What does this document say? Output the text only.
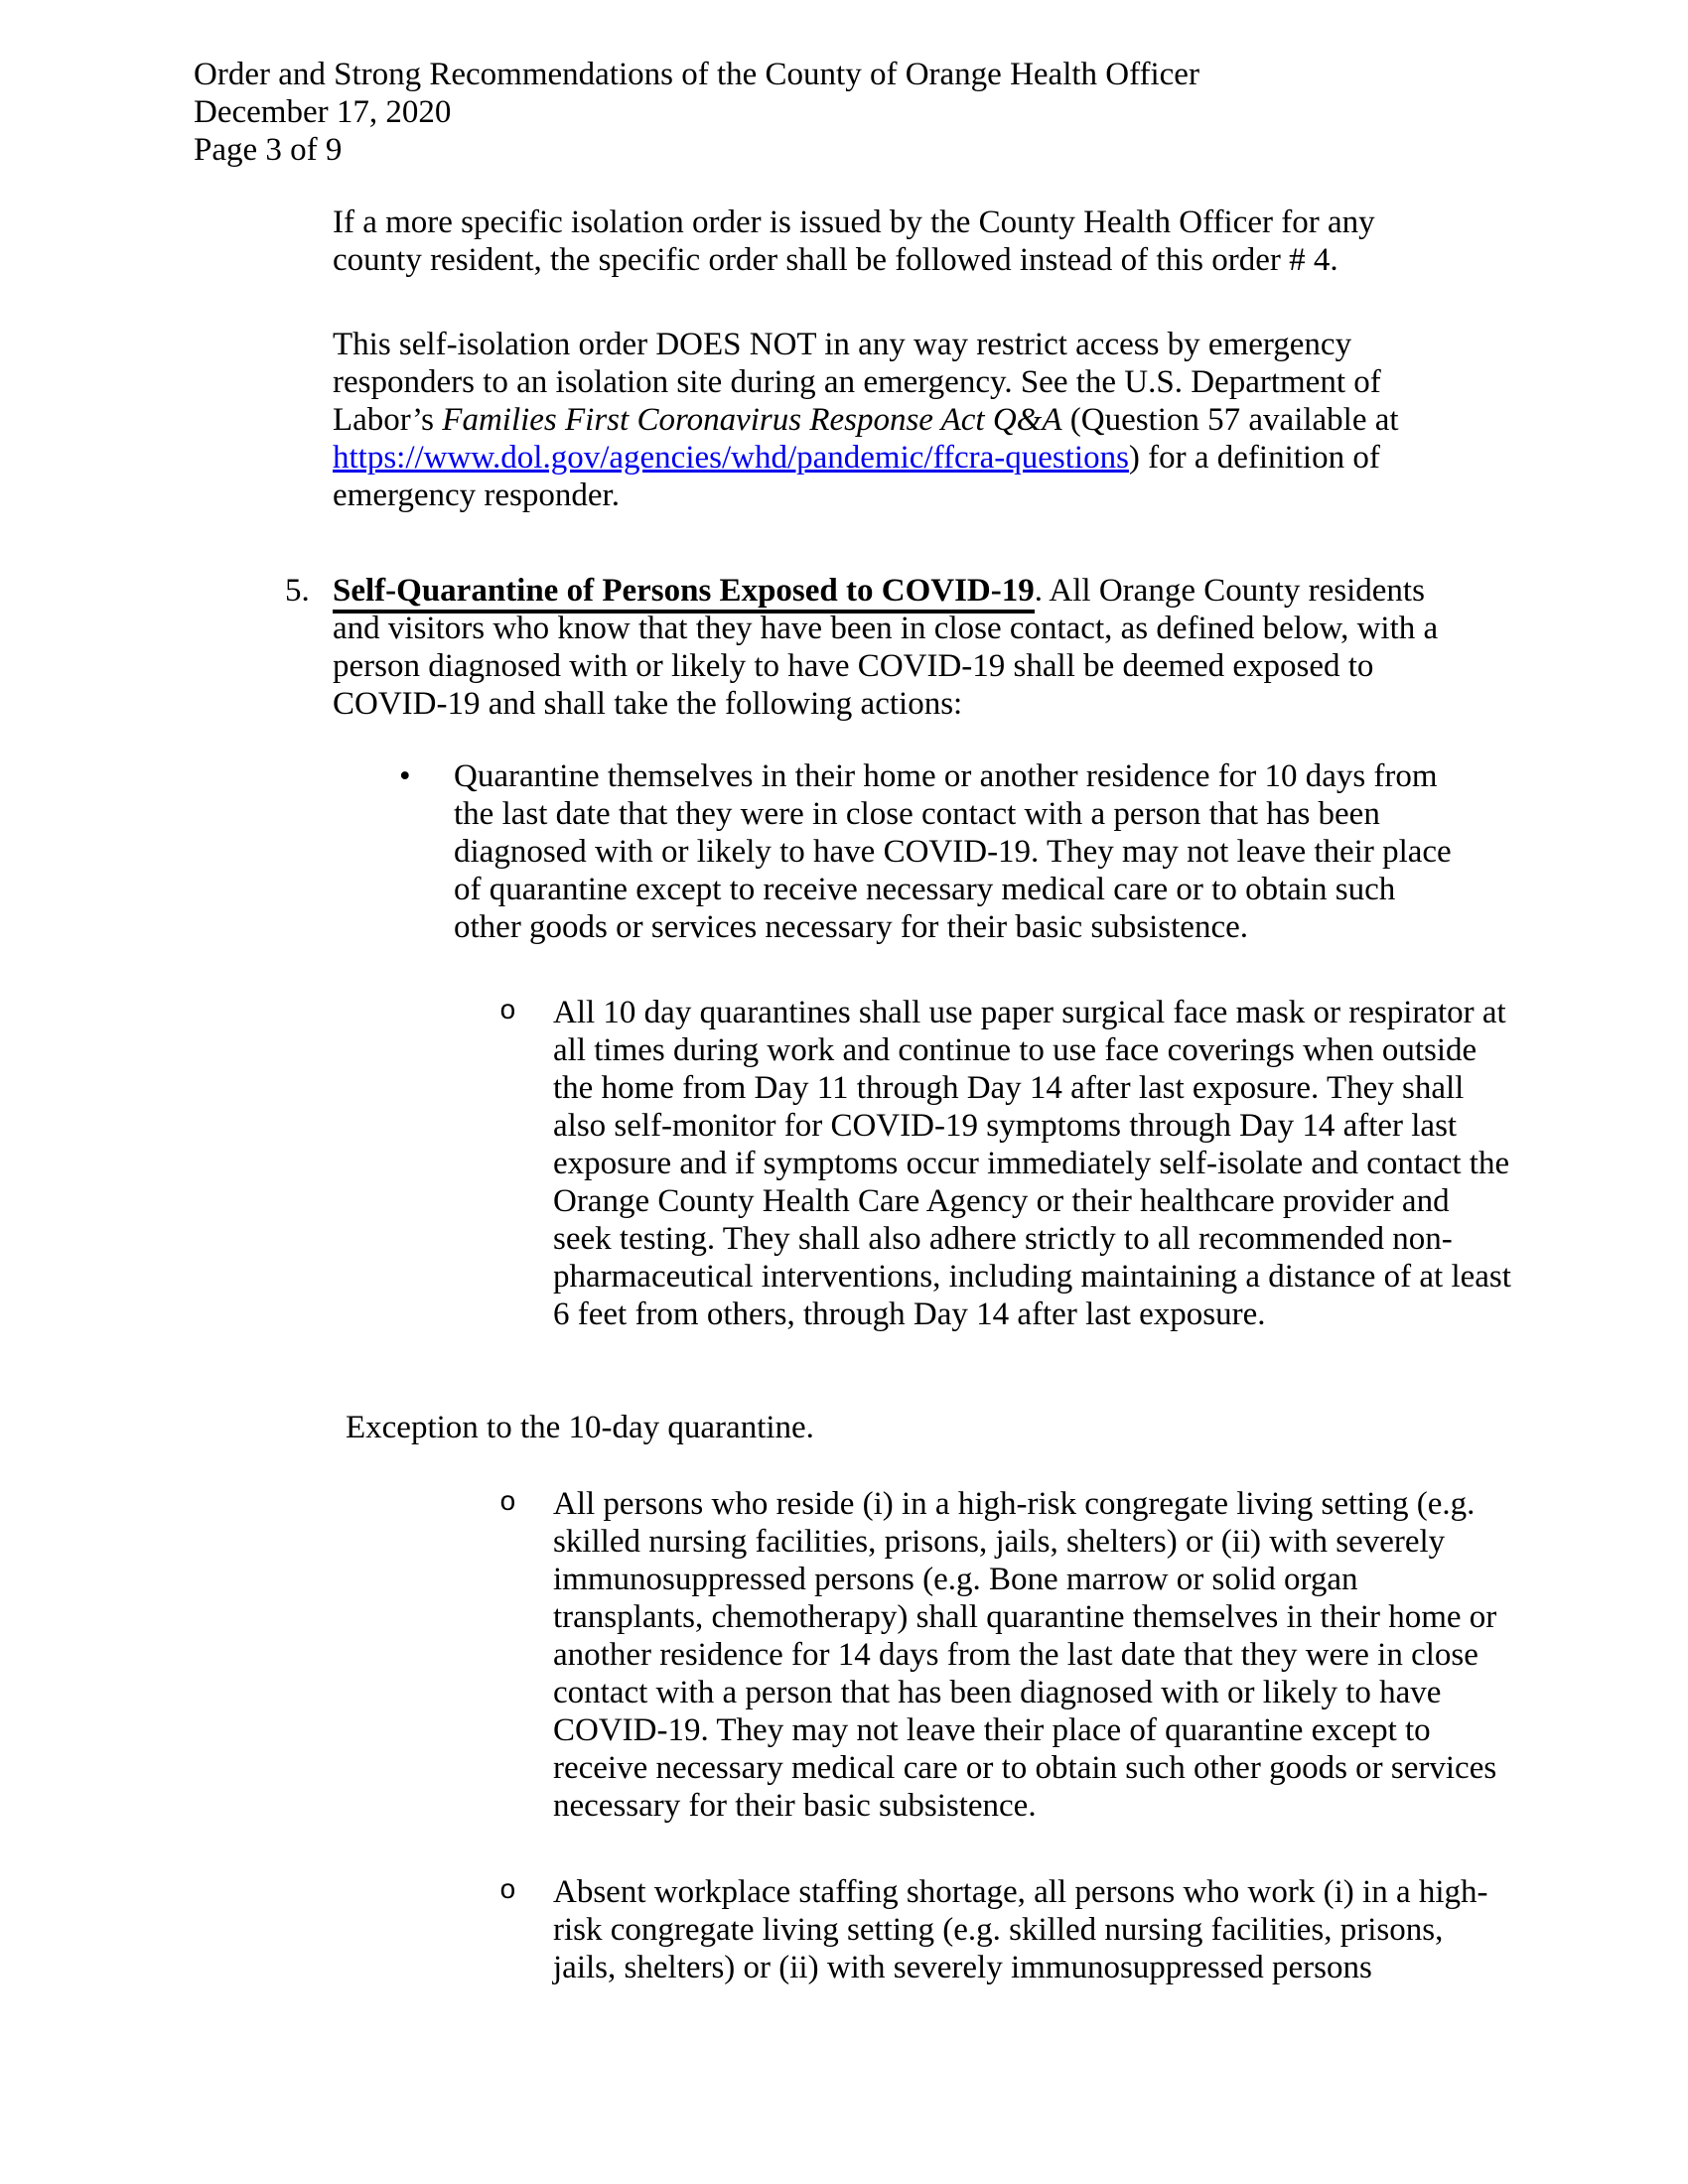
Order and Strong Recommendations of the County of Orange Health Officer
December 17, 2020
Page 3 of 9
If a more specific isolation order is issued by the County Health Officer for any county resident, the specific order shall be followed instead of this order # 4.
This self-isolation order DOES NOT in any way restrict access by emergency responders to an isolation site during an emergency. See the U.S. Department of Labor’s Families First Coronavirus Response Act Q&A (Question 57 available at https://www.dol.gov/agencies/whd/pandemic/ffcra-questions) for a definition of emergency responder.
5. Self-Quarantine of Persons Exposed to COVID-19. All Orange County residents and visitors who know that they have been in close contact, as defined below, with a person diagnosed with or likely to have COVID-19 shall be deemed exposed to COVID-19 and shall take the following actions:
• Quarantine themselves in their home or another residence for 10 days from the last date that they were in close contact with a person that has been diagnosed with or likely to have COVID-19. They may not leave their place of quarantine except to receive necessary medical care or to obtain such other goods or services necessary for their basic subsistence.
o All 10 day quarantines shall use paper surgical face mask or respirator at all times during work and continue to use face coverings when outside the home from Day 11 through Day 14 after last exposure. They shall also self-monitor for COVID-19 symptoms through Day 14 after last exposure and if symptoms occur immediately self-isolate and contact the Orange County Health Care Agency or their healthcare provider and seek testing. They shall also adhere strictly to all recommended non-pharmaceutical interventions, including maintaining a distance of at least 6 feet from others, through Day 14 after last exposure.
Exception to the 10-day quarantine.
o All persons who reside (i) in a high-risk congregate living setting (e.g. skilled nursing facilities, prisons, jails, shelters) or (ii) with severely immunosuppressed persons (e.g. Bone marrow or solid organ transplants, chemotherapy) shall quarantine themselves in their home or another residence for 14 days from the last date that they were in close contact with a person that has been diagnosed with or likely to have COVID-19. They may not leave their place of quarantine except to receive necessary medical care or to obtain such other goods or services necessary for their basic subsistence.
o Absent workplace staffing shortage, all persons who work (i) in a high-risk congregate living setting (e.g. skilled nursing facilities, prisons, jails, shelters) or (ii) with severely immunosuppressed persons
